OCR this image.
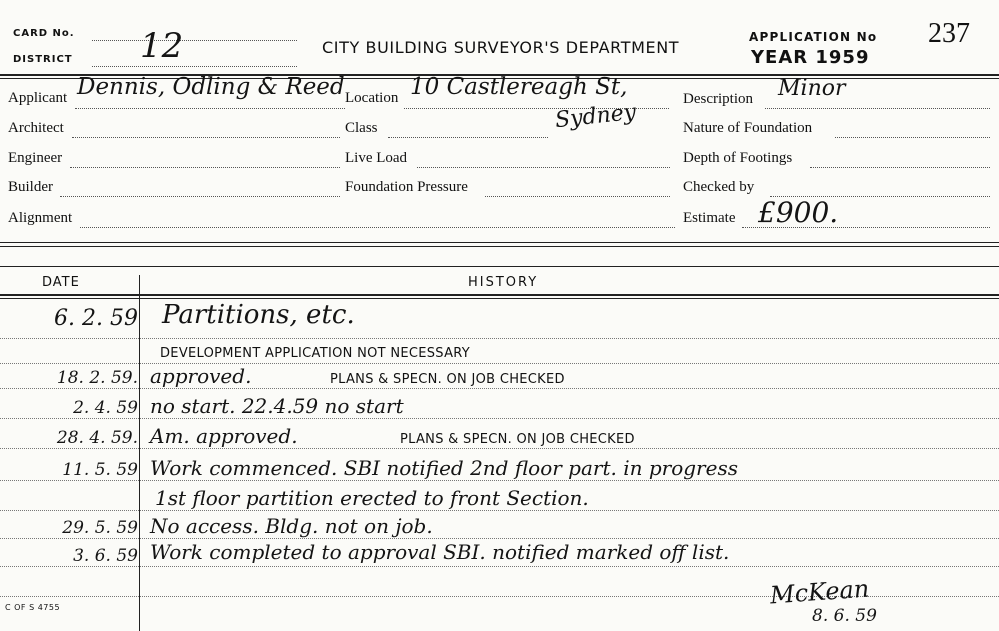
CARD No.
DISTRICT 12	CITY BUILDING SURVEYOR'S DEPARTMENT
APPLICATION No 237
YEAR 1959
Applicant Dennis, Odling & Reed
Architect
Engineer
Builder
Alignment
Location 10 Castlereagh St,
Sydney
Class
Live Load
Foundation Pressure
Description Minor
Nature of Foundation
Depth of Footings
Checked by
Estimate £900.
DATE	HISTORY
6. 2. 59 Partitions, etc.
DEVELOPMENT APPLICATION NOT NECESSARY
18. 2. 59. approved.	PLANS & SPECN. ON JOB CHECKED
2. 4. 59 no start. 22.4.59 no start
28. 4. 59. Am. approved.	PLANS & SPECN. ON JOB CHECKED
11. 5. 59 Work commenced. SBI notified 2nd floor part. in progress
1st floor partition erected to front Section.
29. 5. 59 No access. Bldg. not on job.
3. 6. 59 Work completed to approval SBI. notified marked off list.
C OF S 4755	McKean
8. 6. 59
